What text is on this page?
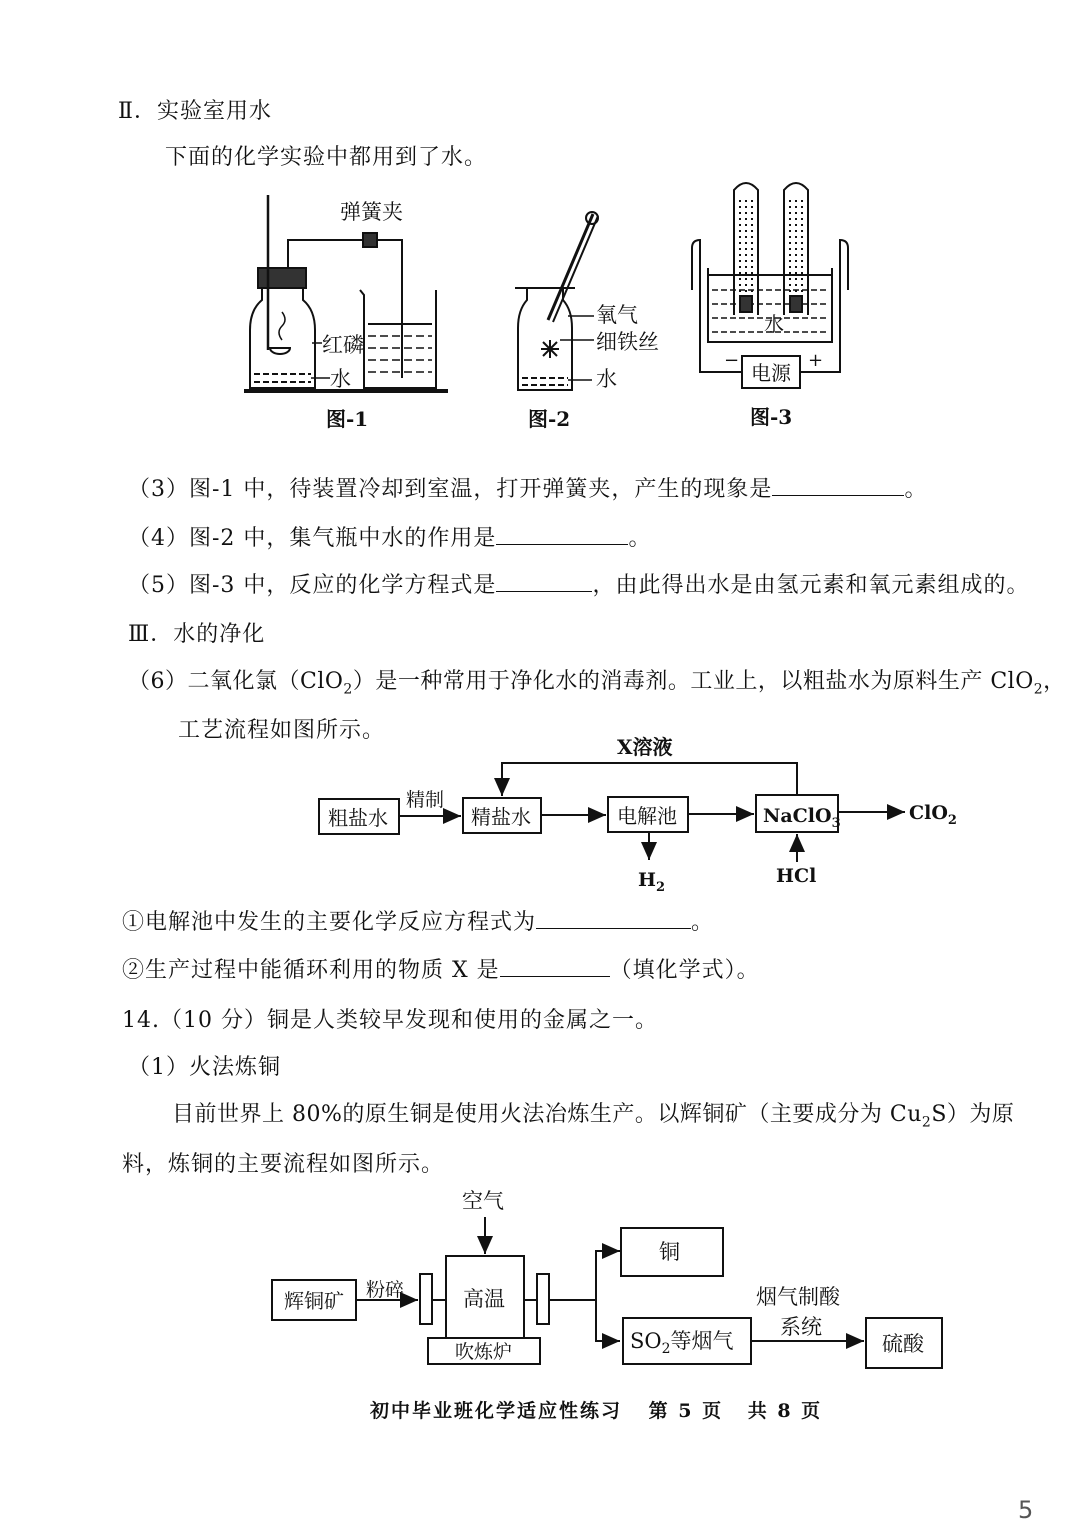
Ⅱ．实验室用水
下面的化学实验中都用到了水。
（3）图-1 中，待装置冷却到室温，打开弹簧夹，产生的现象是	。
（4）图-2 中，集气瓶中水的作用是	。
（5）图-3 中，反应的化学方程式是	，由此得出水是由氢元素和氧元素组成的。
Ⅲ．水的净化
（6）二氧化氯（ClO$_2$）是一种常用于净化水的消毒剂。工业上，以粗盐水为原料生产 ClO$_2$，
工艺流程如图所示。
①电解池中发生的主要化学反应方程式为	。
②生产过程中能循环利用的物质 X 是	（填化学式）。
14.（10 分）铜是人类较早发现和使用的金属之一。
（1）火法炼铜
目前世界上 80%的原生铜是使用火法冶炼生产。以辉铜矿（主要成分为 $Cu_2S$）为原
料，炼铜的主要流程如图所示。
初中毕业班化学适应性练习 第 5 页 共 8 页
5
弹簧夹
红磷
水
图-1
氧气
细铁丝
水
图-2
水
电源
−	+
图-3
X溶液
粗盐水
精制
精盐水	电解池	NaClO$_3$	ClO$_2$
$H_2$
HCl
空气
辉铜矿 粉碎	高温
吹炼炉
铜
$SO_2$等烟气
烟气制酸
系统
硫酸
